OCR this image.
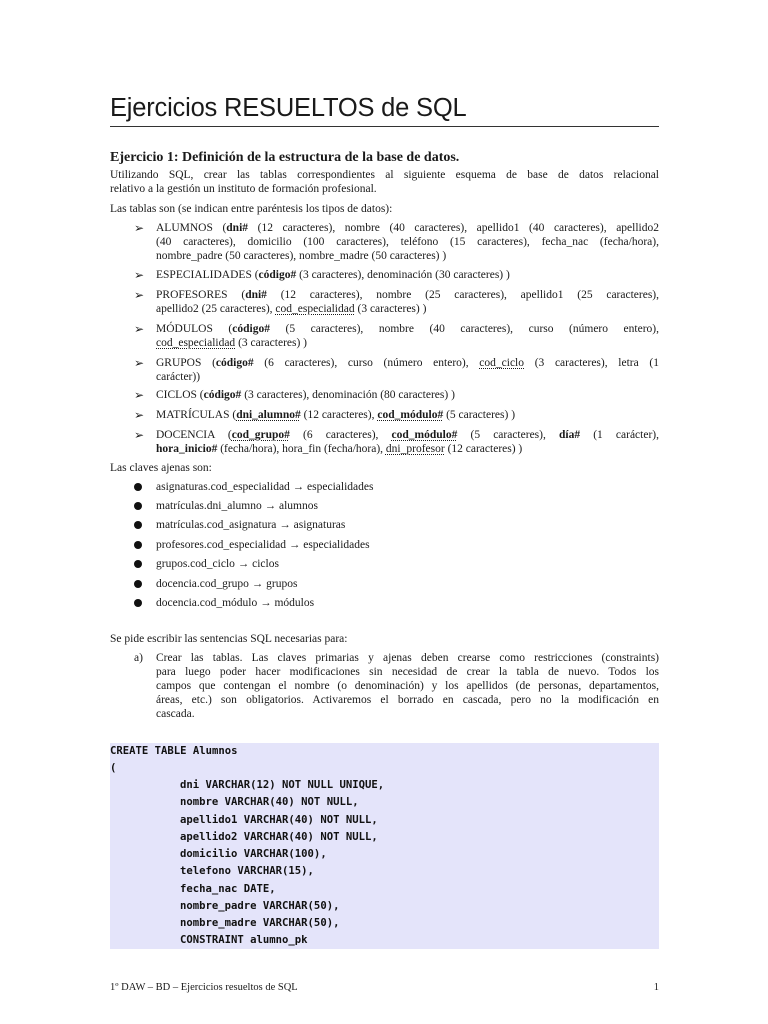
Ejercicios RESUELTOS de SQL
Ejercicio 1: Definición de la estructura de la base de datos.
Utilizando SQL, crear las tablas correspondientes al siguiente esquema de base de datos relacional
relativo a la gestión un instituto de formación profesional.
Las tablas son (se indican entre paréntesis los tipos de datos):
➢	ALUMNOS (dni# (12 caracteres), nombre (40 caracteres), apellido1 (40 caracteres), apellido2
(40 caracteres), domicilio (100 caracteres), teléfono (15 caracteres), fecha_nac (fecha/hora),
nombre_padre (50 caracteres), nombre_madre (50 caracteres) )
➢	ESPECIALIDADES (código# (3 caracteres), denominación (30 caracteres) )
➢	PROFESORES (dni# (12 caracteres), nombre (25 caracteres), apellido1 (25 caracteres),
apellido2 (25 caracteres), cod_especialidad (3 caracteres) )
➢	MÓDULOS (código# (5 caracteres), nombre (40 caracteres), curso (número entero),
cod_especialidad (3 caracteres) )
➢	GRUPOS (código# (6 caracteres), curso (número entero), cod_ciclo (3 caracteres), letra (1
carácter))
➢	CICLOS (código# (3 caracteres), denominación (80 caracteres) )
➢	MATRÍCULAS (dni_alumno# (12 caracteres), cod_módulo# (5 caracteres) )
➢	DOCENCIA (cod_grupo# (6 caracteres), cod_módulo# (5 caracteres), día# (1 carácter),
hora_inicio# (fecha/hora), hora_fin (fecha/hora), dni_profesor (12 caracteres) )
Las claves ajenas son:
asignaturas.cod_especialidad → especialidades
matrículas.dni_alumno → alumnos
matrículas.cod_asignatura → asignaturas
profesores.cod_especialidad → especialidades
grupos.cod_ciclo → ciclos
docencia.cod_grupo → grupos
docencia.cod_módulo → módulos
Se pide escribir las sentencias SQL necesarias para:
a) Crear las tablas. Las claves primarias y ajenas deben crearse como restricciones (constraints)
para luego poder hacer modificaciones sin necesidad de crear la tabla de nuevo. Todos los
campos que contengan el nombre (o denominación) y los apellidos (de personas, departamentos,
áreas, etc.) son obligatorios. Activaremos el borrado en cascada, pero no la modificación en
cascada.
CREATE TABLE Alumnos
(
dni VARCHAR(12) NOT NULL UNIQUE,
nombre VARCHAR(40) NOT NULL,
apellido1 VARCHAR(40) NOT NULL,
apellido2 VARCHAR(40) NOT NULL,
domicilio VARCHAR(100),
telefono VARCHAR(15),
fecha_nac DATE,
nombre_padre VARCHAR(50),
nombre_madre VARCHAR(50),
CONSTRAINT alumno_pk
1º DAW – BD – Ejercicios resueltos de SQL	1
